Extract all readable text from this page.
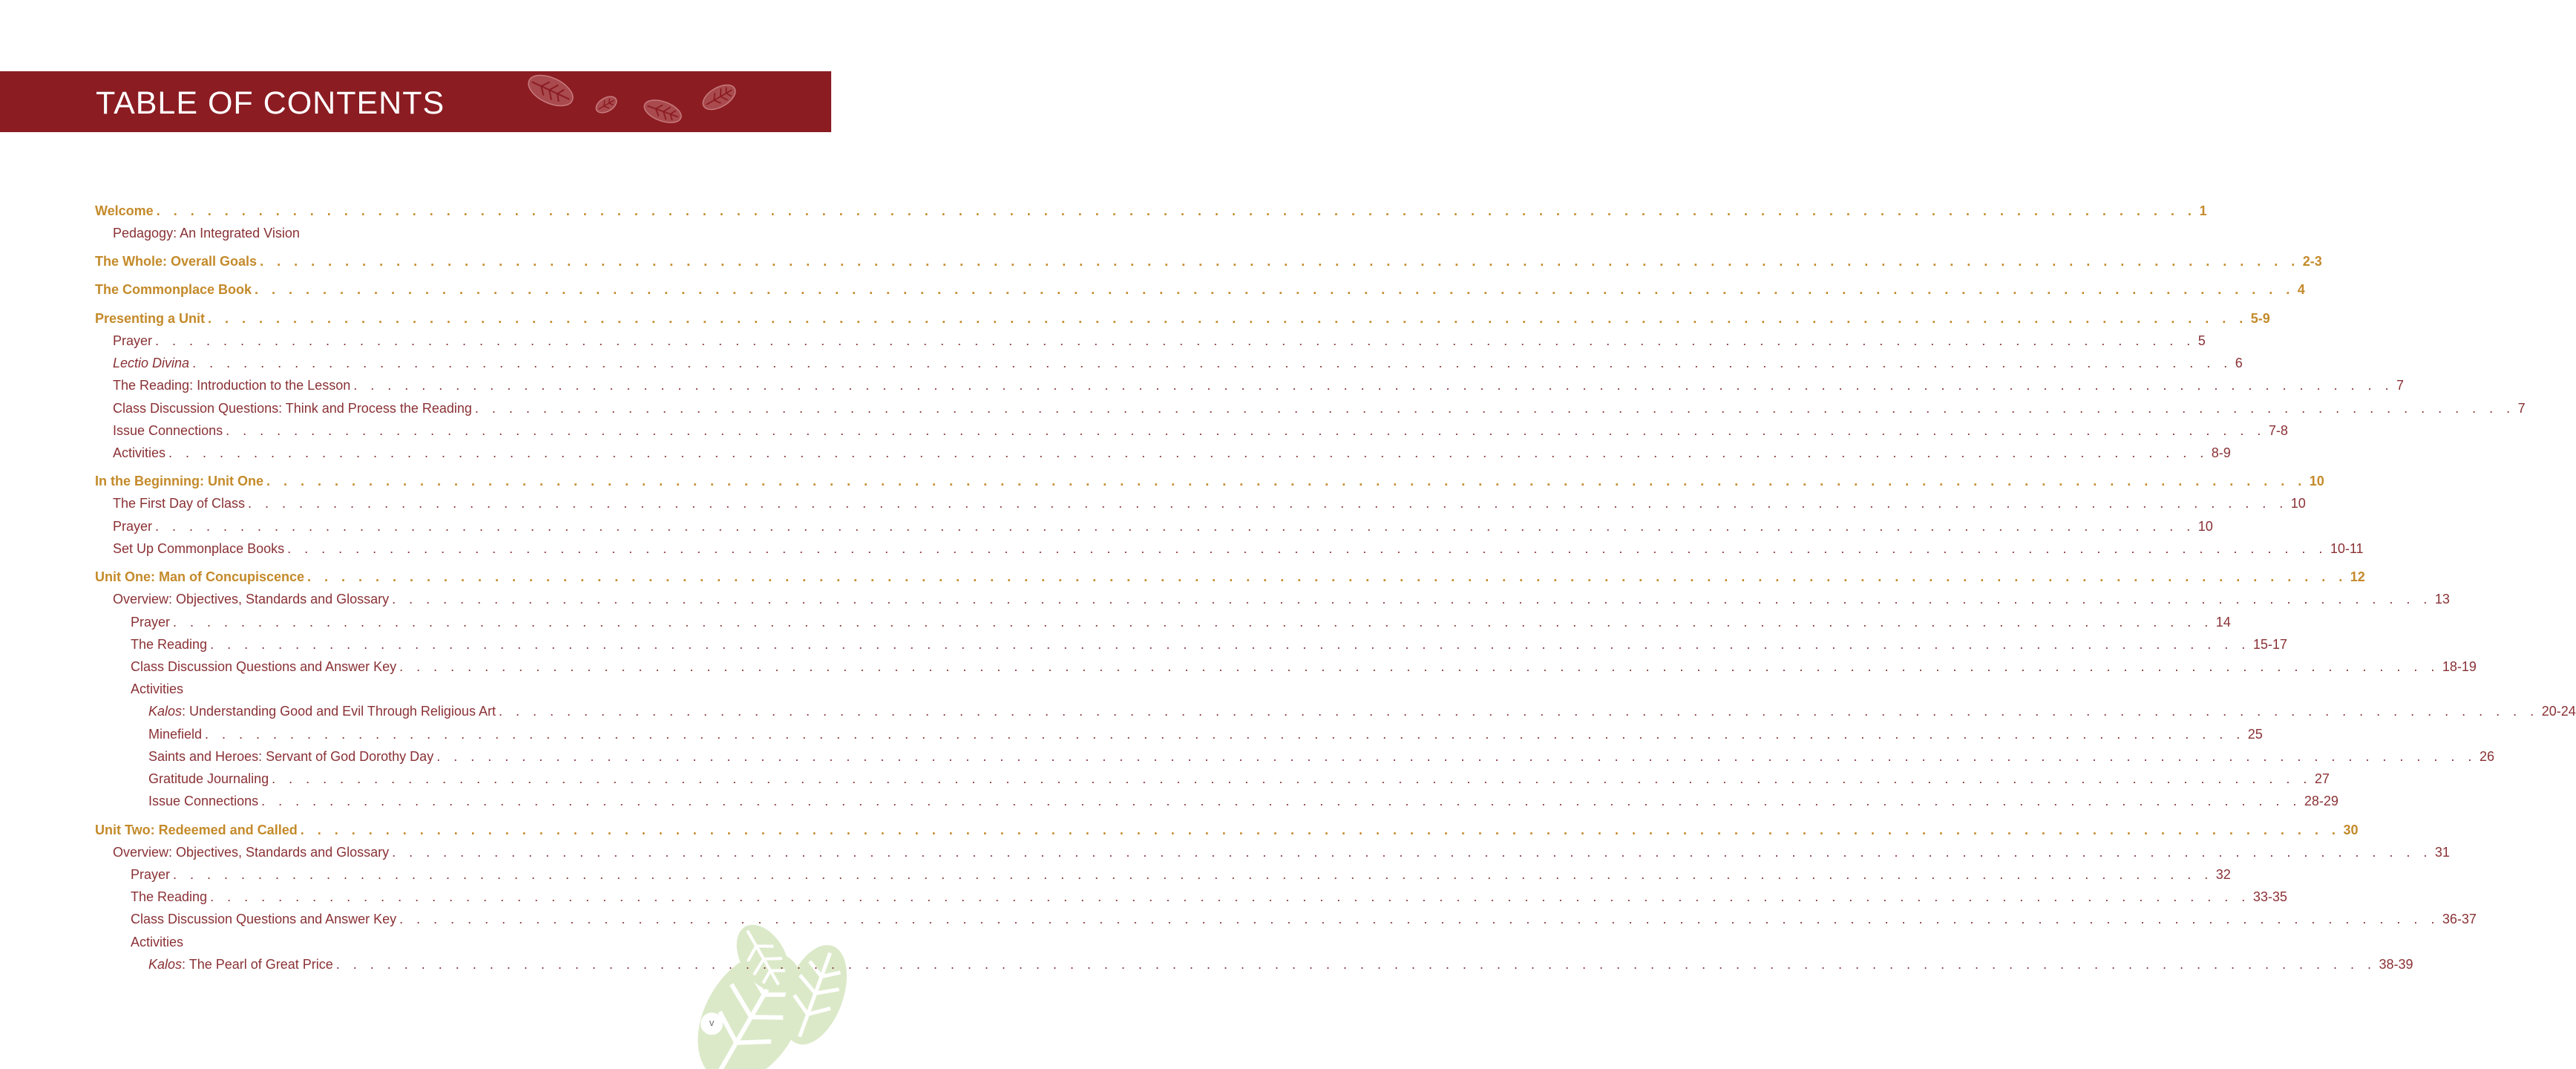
TABLE OF CONTENTS
Welcome . . . . . . . . . . . . . . . . . . . . . . . . . . . . . . . . . . . . . . . . . . . . . . . . . . . . . . . . . . . . . . . . . . . . . . . . . . . . . . . . . . . . . . . . . . . . . . . . . . . . . . . . . . . . . . . . . . . . . . . . 1
Pedagogy: An Integrated Vision
The Whole: Overall Goals . . . . . . . . . . . . . . . . . . . . . . . . . . . . . . . . . . . . . . . . . . . . . . . . . . . . . . . . . . . . . . . . . . . . . . . . . . . . . . . . . . . . . . . . . . . . . . . . . . . . . . . . . . . . . . . . . . . . . . . . 2-3
The Commonplace Book . . . . . . . . . . . . . . . . . . . . . . . . . . . . . . . . . . . . . . . . . . . . . . . . . . . . . . . . . . . . . . . . . . . . . . . . . . . . . . . . . . . . . . . . . . . . . . . . . . . . . . . . . . . . . . . . . . . . . . . . 4
Presenting a Unit . . . . . . . . . . . . . . . . . . . . . . . . . . . . . . . . . . . . . . . . . . . . . . . . . . . . . . . . . . . . . . . . . . . . . . . . . . . . . . . . . . . . . . . . . . . . . . . . . . . . . . . . . . . . . . . . . . . . . . . . 5-9
Prayer . . . . . . . . . . . . . . . . . . . . . . . . . . . . . . . . . . . . . . . . . . . . . . . . . . . . . . . . . . . . . . . . . . . . . . . . . . . . . . . . . . . . . . . . . . . . . . . . . . . . . . . . . . . . . . . . . . . . . . . . 5
Lectio Divina . . . . . . . . . . . . . . . . . . . . . . . . . . . . . . . . . . . . . . . . . . . . . . . . . . . . . . . . . . . . . . . . . . . . . . . . . . . . . . . . . . . . . . . . . . . . . . . . . . . . . . . . . . . . . . . . . . . . . . . . 6
The Reading: Introduction to the Lesson . . . . . . . . . . . . . . . . . . . . . . . . . . . . . . . . . . . . . . . . . . . . . . . . . . . . . . . . . . . . . . . . . . . . . . . . . . . . . . . . . . . . . . . . . . . . . . . . . . . . . . . . . . . . . . . . . . . . . . . . 7
Class Discussion Questions: Think and Process the Reading . . . . . . . . . . . . . . . . . . . . . . . . . . . . . . . . . . . . . . . . . . . . . . . . . . . . . . . . . . . . . . . . . . . . . . . . . . . . . . . . . . . . . . . . . . . . . . . . . . . . . . . . . . . . . . . . . . . . . . . . 7
Issue Connections . . . . . . . . . . . . . . . . . . . . . . . . . . . . . . . . . . . . . . . . . . . . . . . . . . . . . . . . . . . . . . . . . . . . . . . . . . . . . . . . . . . . . . . . . . . . . . . . . . . . . . . . . . . . . . . . . . . . . . . . 7-8
Activities . . . . . . . . . . . . . . . . . . . . . . . . . . . . . . . . . . . . . . . . . . . . . . . . . . . . . . . . . . . . . . . . . . . . . . . . . . . . . . . . . . . . . . . . . . . . . . . . . . . . . . . . . . . . . . . . . . . . . . . . 8-9
In the Beginning: Unit One . . . . . . . . . . . . . . . . . . . . . . . . . . . . . . . . . . . . . . . . . . . . . . . . . . . . . . . . . . . . . . . . . . . . . . . . . . . . . . . . . . . . . . . . . . . . . . . . . . . . . . . . . . . . . . . . . . . . . . . . 10
The First Day of Class . . . . . . . . . . . . . . . . . . . . . . . . . . . . . . . . . . . . . . . . . . . . . . . . . . . . . . . . . . . . . . . . . . . . . . . . . . . . . . . . . . . . . . . . . . . . . . . . . . . . . . . . . . . . . . . . . . . . . . . . 10
Prayer . . . . . . . . . . . . . . . . . . . . . . . . . . . . . . . . . . . . . . . . . . . . . . . . . . . . . . . . . . . . . . . . . . . . . . . . . . . . . . . . . . . . . . . . . . . . . . . . . . . . . . . . . . . . . . . . . . . . . . . . 10
Set Up Commonplace Books . . . . . . . . . . . . . . . . . . . . . . . . . . . . . . . . . . . . . . . . . . . . . . . . . . . . . . . . . . . . . . . . . . . . . . . . . . . . . . . . . . . . . . . . . . . . . . . . . . . . . . . . . . . . . . . . . . . . . . . . 10-11
Unit One: Man of Concupiscence . . . . . . . . . . . . . . . . . . . . . . . . . . . . . . . . . . . . . . . . . . . . . . . . . . . . . . . . . . . . . . . . . . . . . . . . . . . . . . . . . . . . . . . . . . . . . . . . . . . . . . . . . . . . . . . . . . . . . . . . 12
Overview: Objectives, Standards and Glossary . . . . . . . . . . . . . . . . . . . . . . . . . . . . . . . . . . . . . . . . . . . . . . . . . . . . . . . . . . . . . . . . . . . . . . . . . . . . . . . . . . . . . . . . . . . . . . . . . . . . . . . . . . . . . . . . . . . . . . . . 13
Prayer . . . . . . . . . . . . . . . . . . . . . . . . . . . . . . . . . . . . . . . . . . . . . . . . . . . . . . . . . . . . . . . . . . . . . . . . . . . . . . . . . . . . . . . . . . . . . . . . . . . . . . . . . . . . . . . . . . . . . . . . 14
The Reading . . . . . . . . . . . . . . . . . . . . . . . . . . . . . . . . . . . . . . . . . . . . . . . . . . . . . . . . . . . . . . . . . . . . . . . . . . . . . . . . . . . . . . . . . . . . . . . . . . . . . . . . . . . . . . . . . . . . . . . . 15-17
Class Discussion Questions and Answer Key . . . . . . . . . . . . . . . . . . . . . . . . . . . . . . . . . . . . . . . . . . . . . . . . . . . . . . . . . . . . . . . . . . . . . . . . . . . . . . . . . . . . . . . . . . . . . . . . . . . . . . . . . . . . . . . . . . . . . . . . 18-19
Activities
Kalos: Understanding Good and Evil Through Religious Art . . . . . . . . . . . . . . . . . . . . . . . . . . . . . . . . . . . . . . . . . . . . . . . . . . . . . . . . . . . . . . . . . . . . . . . . . . . . . . . . . . . . . . . . . . . . . . . . . . . . . . . . . . . . . . . . . . . . . . . . 20-24
Minefield . . . . . . . . . . . . . . . . . . . . . . . . . . . . . . . . . . . . . . . . . . . . . . . . . . . . . . . . . . . . . . . . . . . . . . . . . . . . . . . . . . . . . . . . . . . . . . . . . . . . . . . . . . . . . . . . . . . . . . . . 25
Saints and Heroes: Servant of God Dorothy Day . . . . . . . . . . . . . . . . . . . . . . . . . . . . . . . . . . . . . . . . . . . . . . . . . . . . . . . . . . . . . . . . . . . . . . . . . . . . . . . . . . . . . . . . . . . . . . . . . . . . . . . . . . . . . . . . . . . . . . . . 26
Gratitude Journaling . . . . . . . . . . . . . . . . . . . . . . . . . . . . . . . . . . . . . . . . . . . . . . . . . . . . . . . . . . . . . . . . . . . . . . . . . . . . . . . . . . . . . . . . . . . . . . . . . . . . . . . . . . . . . . . . . . . . . . . . 27
Issue Connections . . . . . . . . . . . . . . . . . . . . . . . . . . . . . . . . . . . . . . . . . . . . . . . . . . . . . . . . . . . . . . . . . . . . . . . . . . . . . . . . . . . . . . . . . . . . . . . . . . . . . . . . . . . . . . . . . . . . . . . . 28-29
Unit Two: Redeemed and Called . . . . . . . . . . . . . . . . . . . . . . . . . . . . . . . . . . . . . . . . . . . . . . . . . . . . . . . . . . . . . . . . . . . . . . . . . . . . . . . . . . . . . . . . . . . . . . . . . . . . . . . . . . . . . . . . . . . . . . . . 30
Overview: Objectives, Standards and Glossary . . . . . . . . . . . . . . . . . . . . . . . . . . . . . . . . . . . . . . . . . . . . . . . . . . . . . . . . . . . . . . . . . . . . . . . . . . . . . . . . . . . . . . . . . . . . . . . . . . . . . . . . . . . . . . . . . . . . . . . . 31
Prayer . . . . . . . . . . . . . . . . . . . . . . . . . . . . . . . . . . . . . . . . . . . . . . . . . . . . . . . . . . . . . . . . . . . . . . . . . . . . . . . . . . . . . . . . . . . . . . . . . . . . . . . . . . . . . . . . . . . . . . . . 32
The Reading . . . . . . . . . . . . . . . . . . . . . . . . . . . . . . . . . . . . . . . . . . . . . . . . . . . . . . . . . . . . . . . . . . . . . . . . . . . . . . . . . . . . . . . . . . . . . . . . . . . . . . . . . . . . . . . . . . . . . . . . 33-35
Class Discussion Questions and Answer Key . . . . . . . . . . . . . . . . . . . . . . . . . . . . . . . . . . . . . . . . . . . . . . . . . . . . . . . . . . . . . . . . . . . . . . . . . . . . . . . . . . . . . . . . . . . . . . . . . . . . . . . . . . . . . . . . . . . . . . . . 36-37
Activities
Kalos: The Pearl of Great Price . . . . . . . . . . . . . . . . . . . . . . . . . . . . . . . . . . . . . . . . . . . . . . . . . . . . . . . . . . . . . . . . . . . . . . . . . . . . . . . . . . . . . . . . . . . . . . . . . . . . . . . . . . . . . . . . . . . . . . . . 38-39
v
